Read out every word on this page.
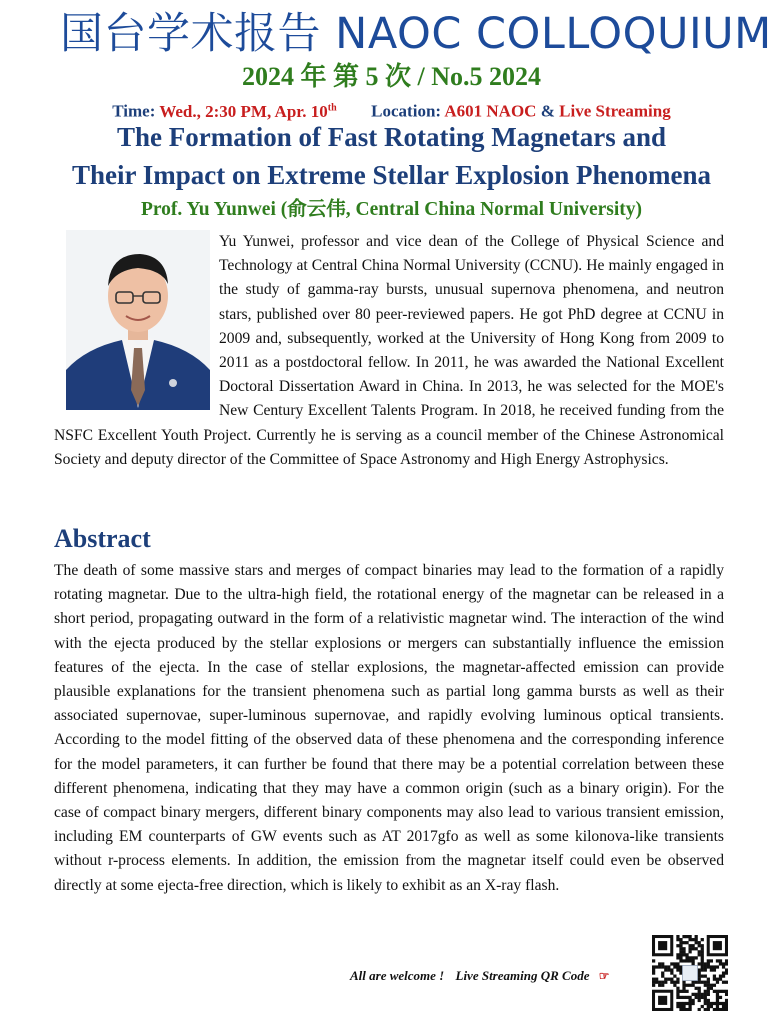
国台学术报告 NAOC COLLOQUIUM
2024 年 第 5 次 / No.5 2024
Time: Wed., 2:30 PM, Apr. 10th Location: A601 NAOC & Live Streaming
The Formation of Fast Rotating Magnetars and
Their Impact on Extreme Stellar Explosion Phenomena
Prof. Yu Yunwei (俞云伟, Central China Normal University)
Yu Yunwei, professor and vice dean of the College of Physical Science and Technology at Central China Normal University (CCNU). He mainly engaged in the study of gamma-ray bursts, unusual supernova phenomena, and neutron stars, published over 80 peer-reviewed papers. He got PhD degree at CCNU in 2009 and, subsequently, worked at the University of Hong Kong from 2009 to 2011 as a postdoctoral fellow. In 2011, he was awarded the National Excellent Doctoral Dissertation Award in China. In 2013, he was selected for the MOE's New Century Excellent Talents Program. In 2018, he received funding from the NSFC Excellent Youth Project. Currently he is serving as a council member of the Chinese Astronomical Society and deputy director of the Committee of Space Astronomy and High Energy Astrophysics.
Abstract
The death of some massive stars and merges of compact binaries may lead to the formation of a rapidly rotating magnetar. Due to the ultra-high field, the rotational energy of the magnetar can be released in a short period, propagating outward in the form of a relativistic magnetar wind. The interaction of the wind with the ejecta produced by the stellar explosions or mergers can substantially influence the emission features of the ejecta. In the case of stellar explosions, the magnetar-affected emission can provide plausible explanations for the transient phenomena such as partial long gamma bursts as well as their associated supernovae, super-luminous supernovae, and rapidly evolving luminous optical transients. According to the model fitting of the observed data of these phenomena and the corresponding inference for the model parameters, it can further be found that there may be a potential correlation between these different phenomena, indicating that they may have a common origin (such as a binary origin). For the case of compact binary mergers, different binary components may also lead to various transient emission, including EM counterparts of GW events such as AT 2017gfo as well as some kilonova-like transients without r-process elements. In addition, the emission from the magnetar itself could even be observed directly at some ejecta-free direction, which is likely to exhibit as an X-ray flash.
All are welcome ! Live Streaming QR Code ☞
